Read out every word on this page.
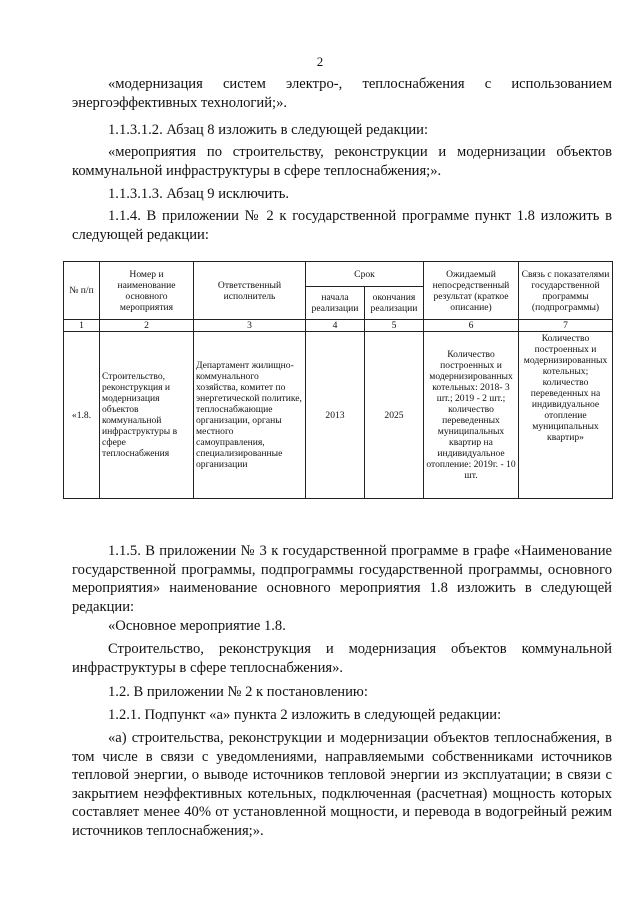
2

«модернизация систем электро-, теплоснабжения с использованием энергоэффективных технологий;».

1.1.3.1.2. Абзац 8 изложить в следующей редакции:

«мероприятия по строительству, реконструкции и модернизации объектов коммунальной инфраструктуры в сфере теплоснабжения;».

1.1.3.1.3. Абзац 9 исключить.

1.1.4. В приложении № 2 к государственной программе пункт 1.8 изложить в следующей редакции:

№ п/п	Номер и наименование основного мероприятия	Ответственный исполнитель	Срок		Ожидаемый непосредственный результат (краткое описание)	Связь с показателями государственной программы (подпрограммы)
			начала реализации	окончания реализации		
1	2	3	4	5	6	7
«1.8.	Строительство, реконструкция и модернизация объектов коммунальной инфраструктуры в сфере теплоснабжения	Департамент жилищно-коммунального хозяйства, комитет по энергетической политике, теплоснабжающие организации, органы местного самоуправления, специализированные организации	2013	2025	Количество построенных и модернизированных котельных: 2018- 3 шт.; 2019 - 2 шт.; количество переведенных муниципальных квартир на индивидуальное отопление: 2019г. - 10 шт.	Количество построенных и модернизированных котельных; количество переведенных на индивидуальное отопление муниципальных квартир»

1.1.5. В приложении № 3 к государственной программе в графе «Наименование государственной программы, подпрограммы государственной программы, основного мероприятия» наименование основного мероприятия 1.8 изложить в следующей редакции:

«Основное мероприятие 1.8.

Строительство, реконструкция и модернизация объектов коммунальной инфраструктуры в сфере теплоснабжения».

1.2. В приложении № 2 к постановлению:

1.2.1. Подпункт «а» пункта 2 изложить в следующей редакции:

«а) строительства, реконструкции и модернизации объектов теплоснабжения, в том числе в связи с уведомлениями, направляемыми собственниками источников тепловой энергии, о выводе источников тепловой энергии из эксплуатации; в связи с закрытием неэффективных котельных, подключенная (расчетная) мощность которых составляет менее 40% от установленной мощности, и перевода в водогрейный режим источников теплоснабжения;».
